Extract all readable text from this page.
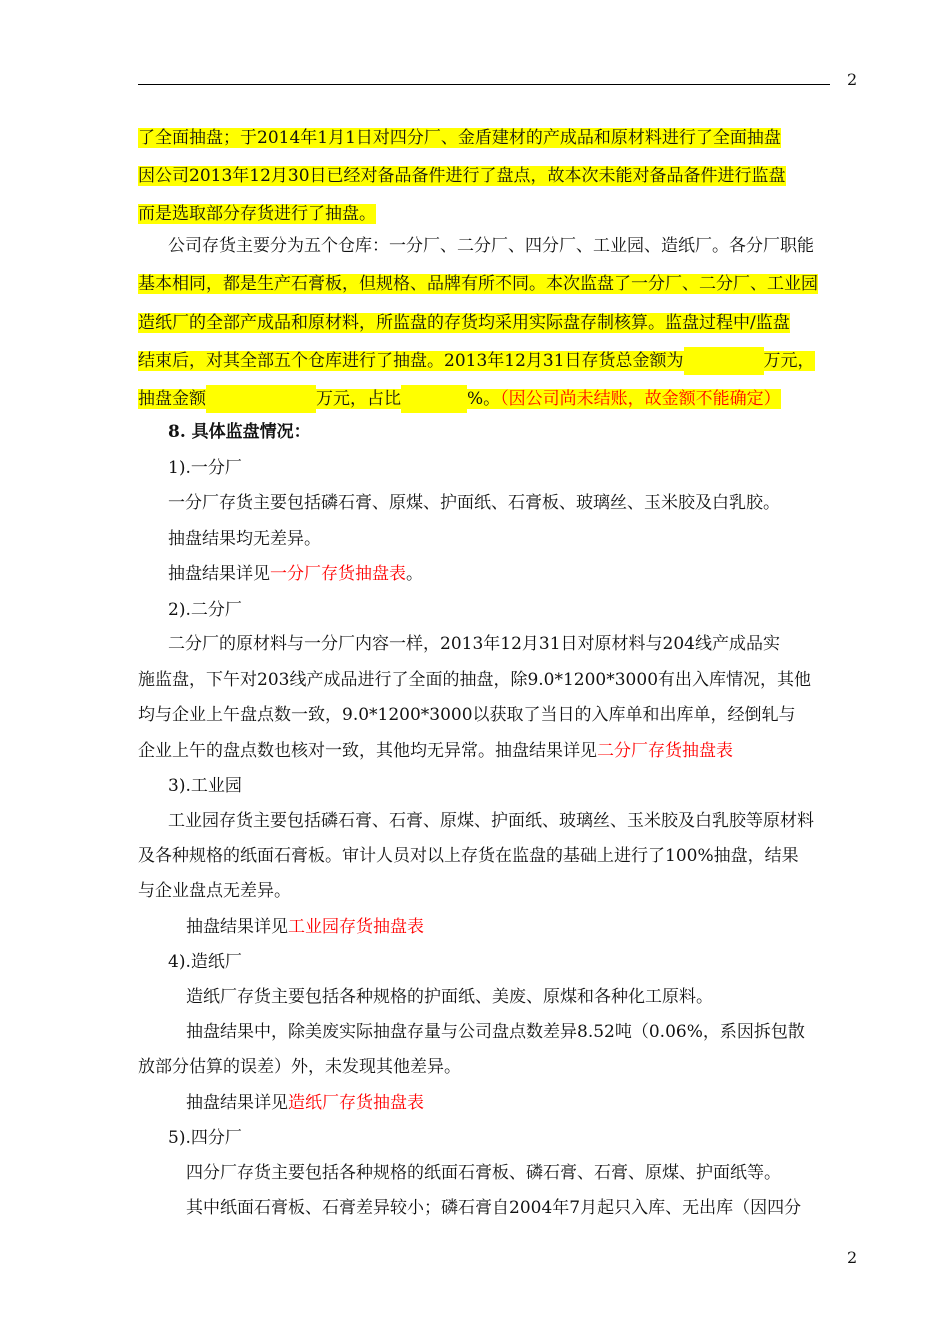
2
了全面抽盘；于2014年1月1日对四分厂、金盾建材的产成品和原材料进行了全面抽盘
因公司2013年12月30日已经对备品备件进行了盘点，故本次未能对备品备件进行监盘
而是选取部分存货进行了抽盘。
公司存货主要分为五个仓库：一分厂、二分厂、四分厂、工业园、造纸厂。各分厂职能
基本相同，都是生产石膏板，但规格、品牌有所不同。本次监盘了一分厂、二分厂、工业园
造纸厂的全部产成品和原材料，所监盘的存货均采用实际盘存制核算。监盘过程中/监盘
结束后，对其全部五个仓库进行了抽盘。2013年12月31日存货总金额为	万元，
抽盘金额	万元，占比	%。（因公司尚未结账，故金额不能确定）
8. 具体监盘情况：
1).一分厂
一分厂存货主要包括磷石膏、原煤、护面纸、石膏板、玻璃丝、玉米胶及白乳胶。
抽盘结果均无差异。
抽盘结果详见一分厂存货抽盘表。
2).二分厂
二分厂的原材料与一分厂内容一样，2013年12月31日对原材料与204线产成品实
施监盘，下午对203线产成品进行了全面的抽盘，除9.0*1200*3000有出入库情况，其他
均与企业上午盘点数一致，9.0*1200*3000以获取了当日的入库单和出库单，经倒轧与
企业上午的盘点数也核对一致，其他均无异常。抽盘结果详见二分厂存货抽盘表
3).工业园
工业园存货主要包括磷石膏、石膏、原煤、护面纸、玻璃丝、玉米胶及白乳胶等原材料
及各种规格的纸面石膏板。审计人员对以上存货在监盘的基础上进行了100%抽盘，结果
与企业盘点无差异。
抽盘结果详见工业园存货抽盘表
4).造纸厂
造纸厂存货主要包括各种规格的护面纸、美废、原煤和各种化工原料。
抽盘结果中，除美废实际抽盘存量与公司盘点数差异8.52吨（0.06%，系因拆包散
放部分估算的误差）外，未发现其他差异。
抽盘结果详见造纸厂存货抽盘表
5).四分厂
四分厂存货主要包括各种规格的纸面石膏板、磷石膏、石膏、原煤、护面纸等。
其中纸面石膏板、石膏差异较小；磷石膏自2004年7月起只入库、无出库（因四分
2
